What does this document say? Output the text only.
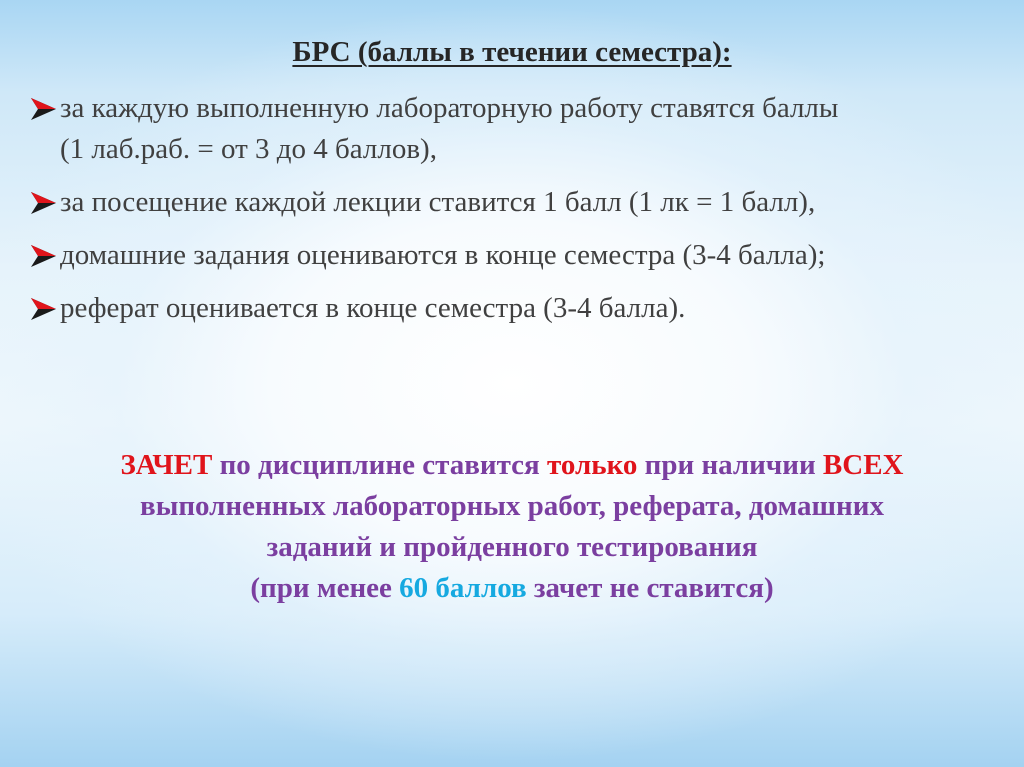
БРС (баллы в течении семестра):

за каждую выполненную лабораторную работу ставятся баллы
(1 лаб.раб. = от 3 до 4 баллов),
за посещение каждой лекции ставится 1 балл (1 лк = 1 балл),
домашние задания оцениваются в конце семестра (3-4 балла);
реферат оценивается в конце семестра (3-4 балла).
ЗАЧЕТ по дисциплине ставится только при наличии ВСЕХ
выполненных лабораторных работ, реферата, домашних
заданий и пройденного тестирования
(при менее 60 баллов зачет не ставится)
